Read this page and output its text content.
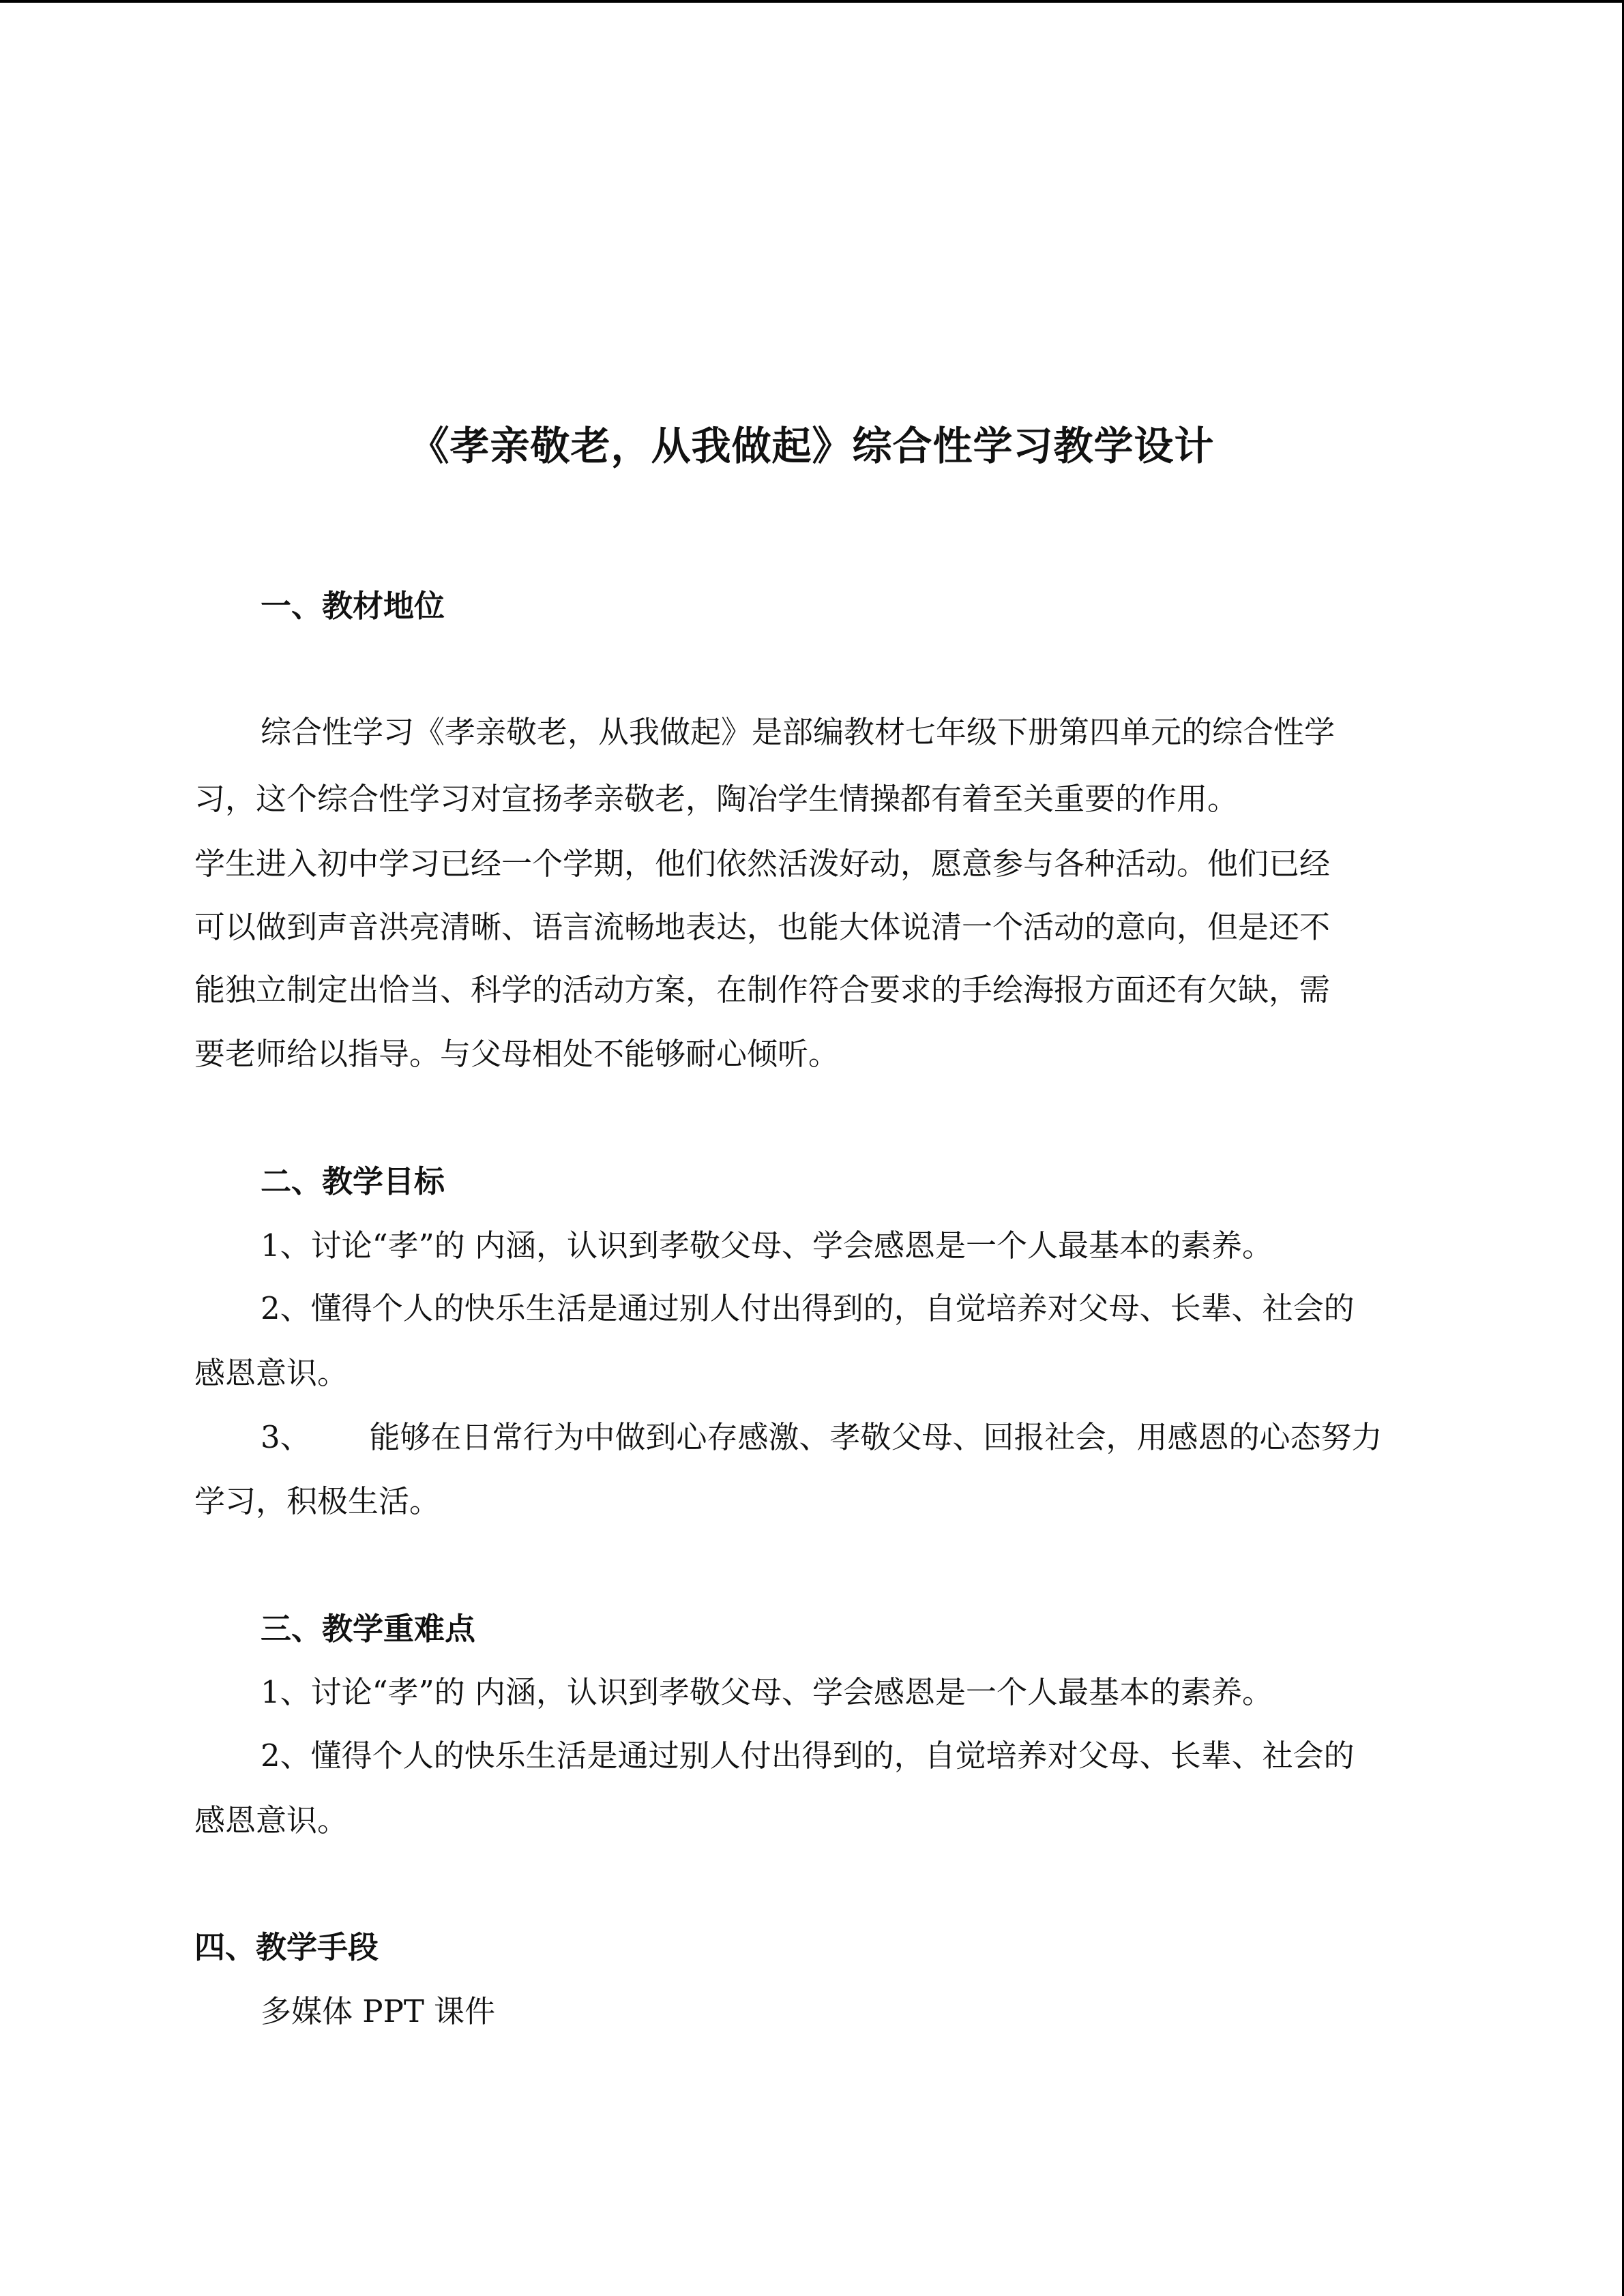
《孝亲敬老，从我做起》综合性学习教学设计
一、教材地位
综合性学习《孝亲敬老，从我做起》是部编教材七年级下册第四单元的综合性学
习，这个综合性学习对宣扬孝亲敬老，陶冶学生情操都有着至关重要的作用。
学生进入初中学习已经一个学期，他们依然活泼好动，愿意参与各种活动。他们已经
可以做到声音洪亮清晰、语言流畅地表达，也能大体说清一个活动的意向，但是还不
能独立制定出恰当、科学的活动方案，在制作符合要求的手绘海报方面还有欠缺，需
要老师给以指导。与父母相处不能够耐心倾听。
二、教学目标
1、讨论“孝”的 内涵，认识到孝敬父母、学会感恩是一个人最基本的素养。
2、懂得个人的快乐生活是通过别人付出得到的，自觉培养对父母、长辈、社会的
感恩意识。
3、      能够在日常行为中做到心存感激、孝敬父母、回报社会，用感恩的心态努力
学习，积极生活。
三、教学重难点
1、讨论“孝”的 内涵，认识到孝敬父母、学会感恩是一个人最基本的素养。
2、懂得个人的快乐生活是通过别人付出得到的，自觉培养对父母、长辈、社会的
感恩意识。
四、教学手段
多媒体 PPT 课件
